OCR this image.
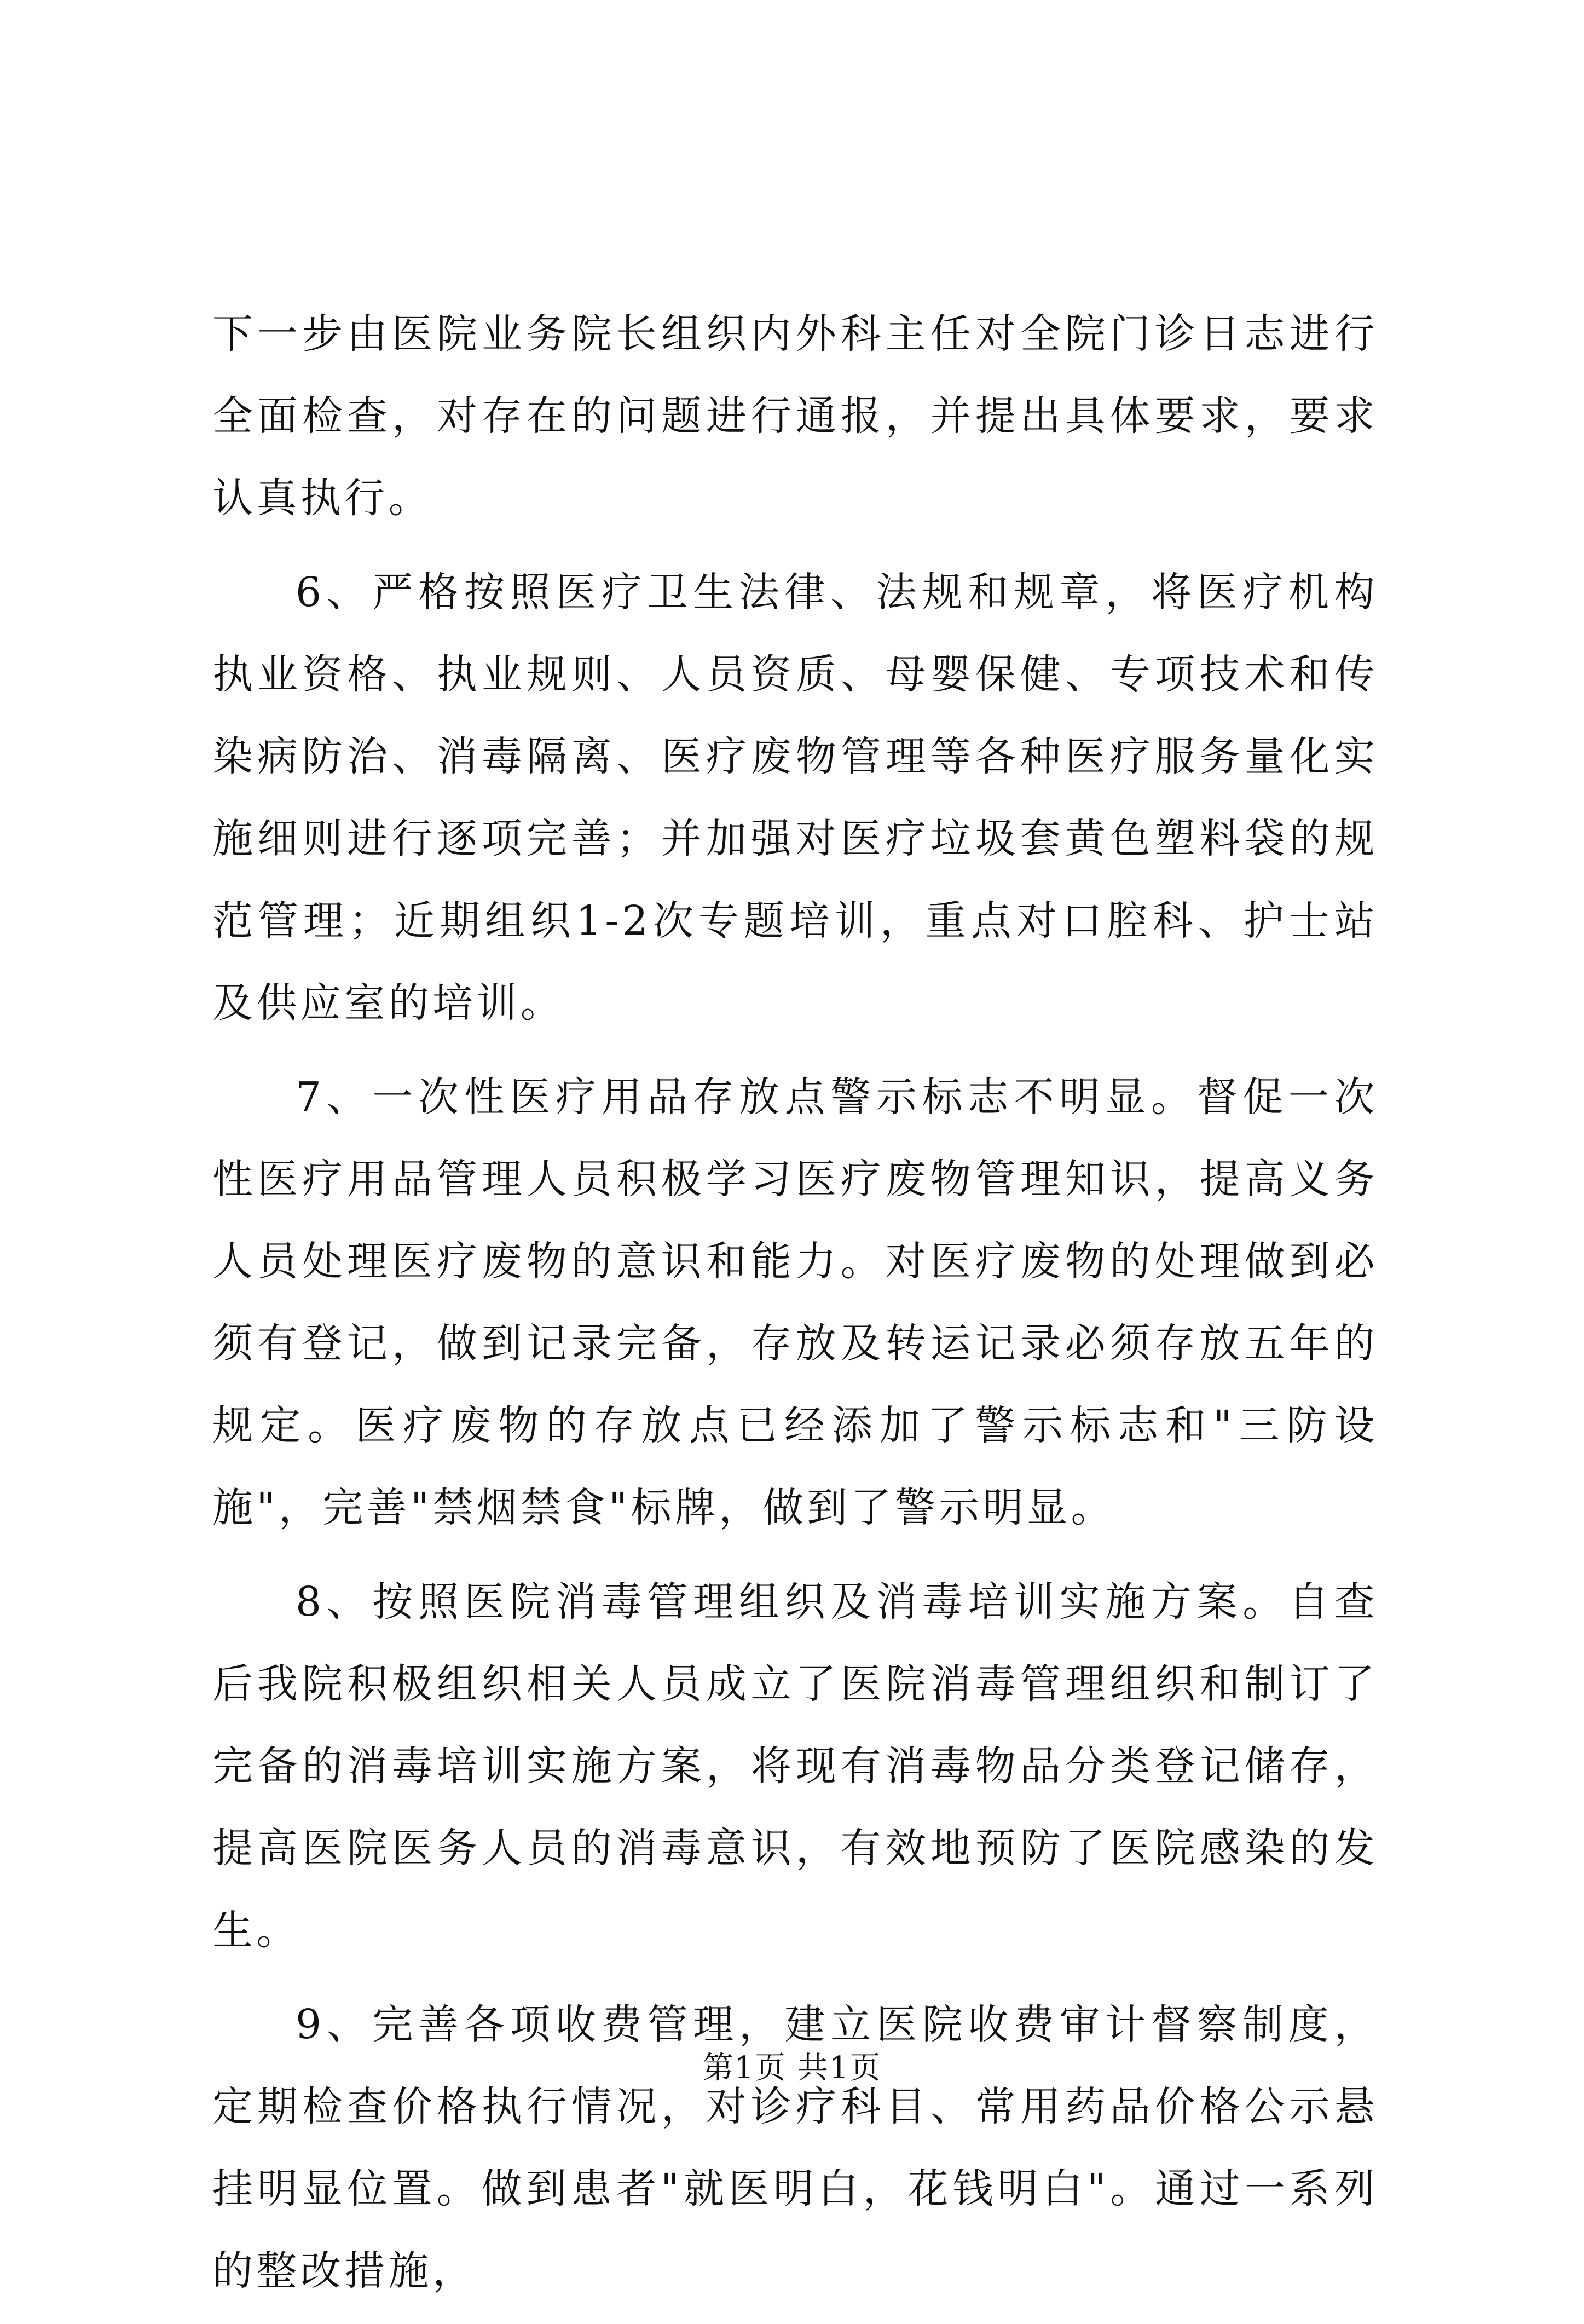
下一步由医院业务院长组织内外科主任对全院门诊日志进行全面检查，对存在的问题进行通报，并提出具体要求，要求认真执行。

6、严格按照医疗卫生法律、法规和规章，将医疗机构执业资格、执业规则、人员资质、母婴保健、专项技术和传染病防治、消毒隔离、医疗废物管理等各种医疗服务量化实施细则进行逐项完善；并加强对医疗垃圾套黄色塑料袋的规范管理；近期组织1-2次专题培训，重点对口腔科、护士站及供应室的培训。

7、一次性医疗用品存放点警示标志不明显。督促一次性医疗用品管理人员积极学习医疗废物管理知识，提高义务人员处理医疗废物的意识和能力。对医疗废物的处理做到必须有登记，做到记录完备，存放及转运记录必须存放五年的规定。医疗废物的存放点已经添加了警示标志和"三防设施"，完善"禁烟禁食"标牌，做到了警示明显。

8、按照医院消毒管理组织及消毒培训实施方案。自查后我院积极组织相关人员成立了医院消毒管理组织和制订了完备的消毒培训实施方案，将现有消毒物品分类登记储存，提高医院医务人员的消毒意识，有效地预防了医院感染的发生。

9、完善各项收费管理，建立医院收费审计督察制度，定期检查价格执行情况，对诊疗科目、常用药品价格公示悬挂明显位置。做到患者"就医明白，花钱明白"。通过一系列的整改措施，

第1页 共1页
